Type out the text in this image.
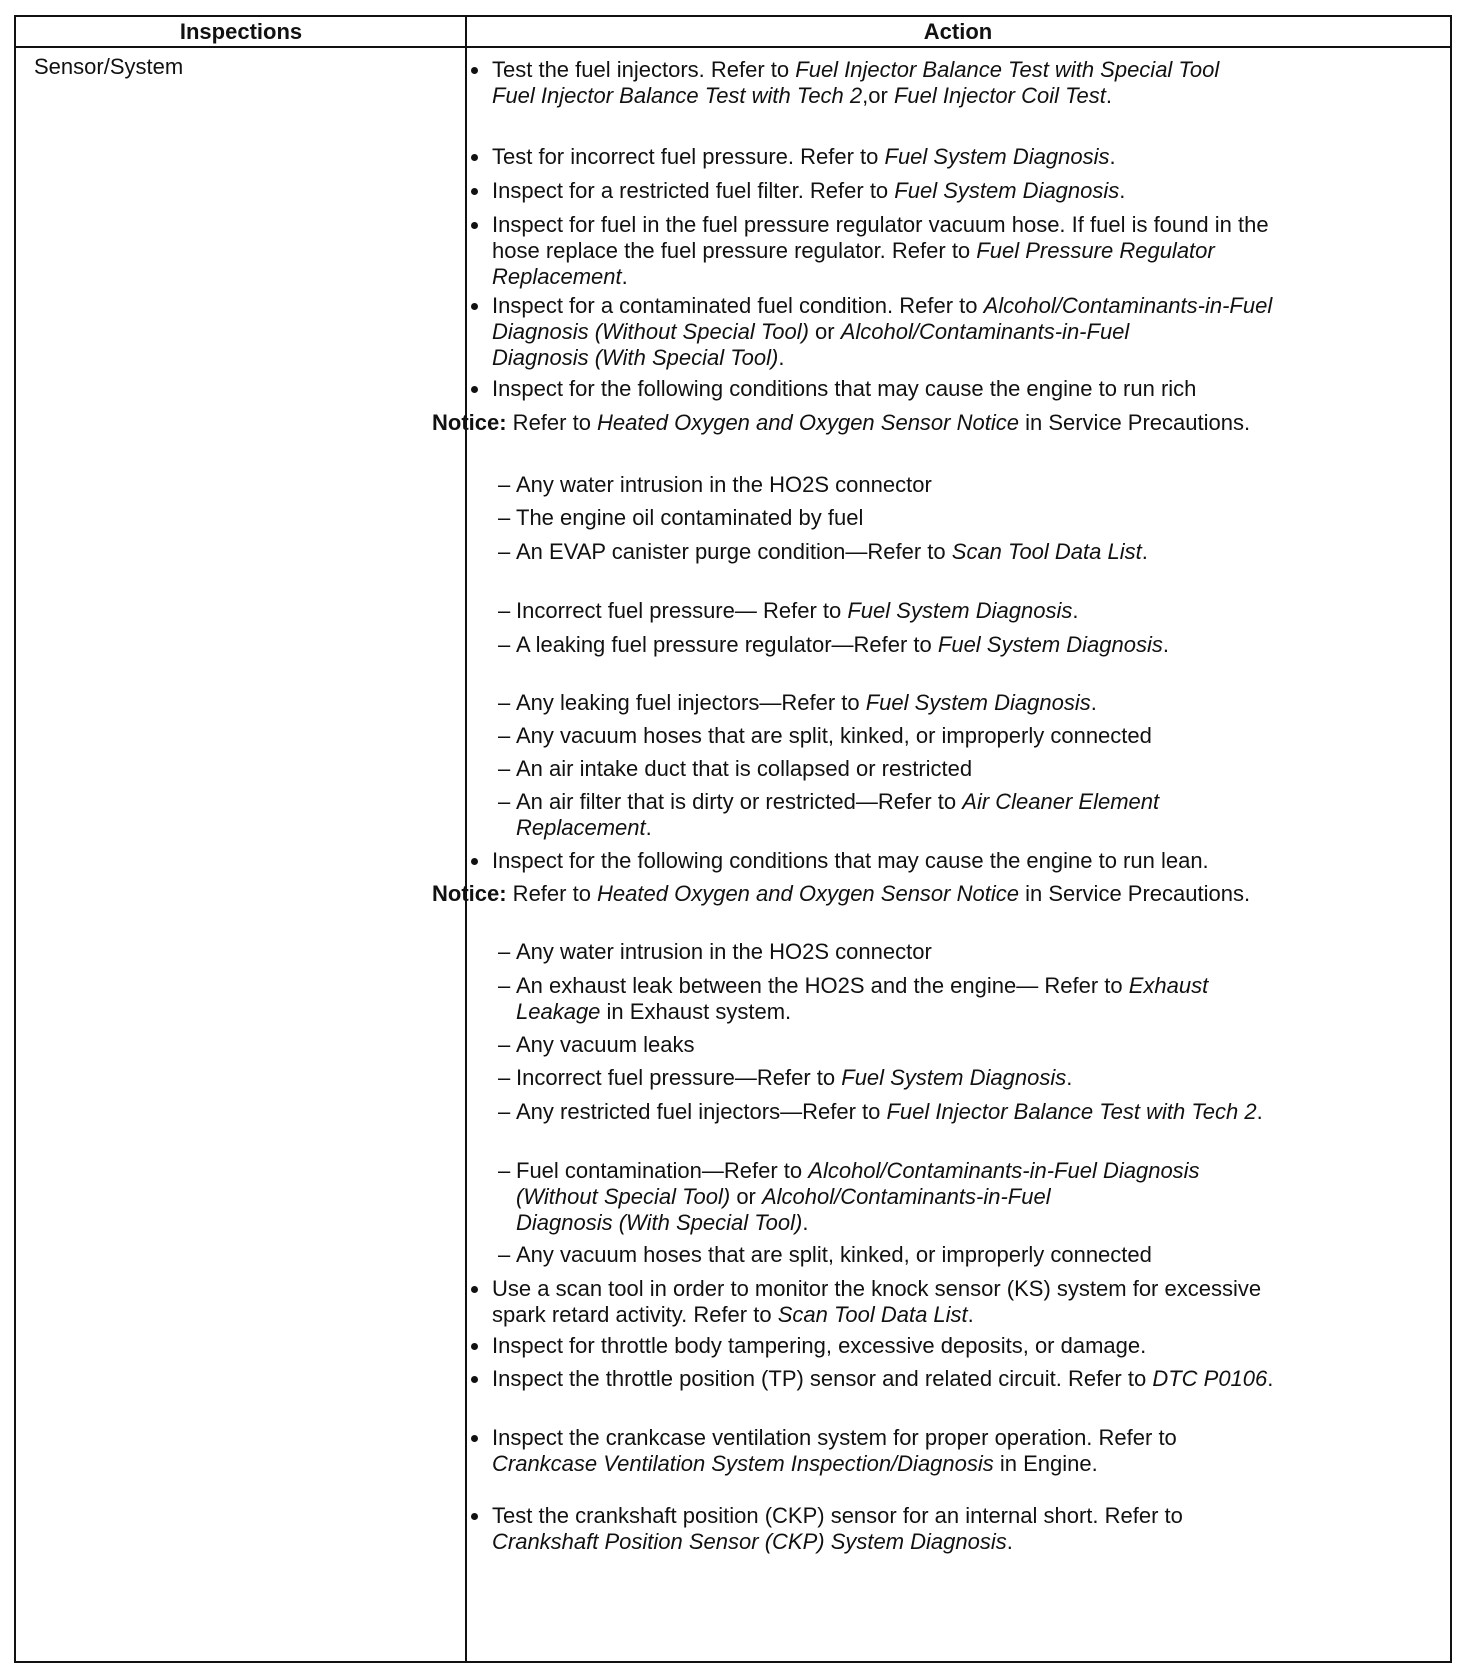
Inspections	Action
Sensor/System	Test the fuel injectors. Refer to Fuel Injector Balance Test with Special Tool
Fuel Injector Balance Test with Tech 2,or Fuel Injector Coil Test.
Test for incorrect fuel pressure. Refer to Fuel System Diagnosis.
Inspect for a restricted fuel filter. Refer to Fuel System Diagnosis.
Inspect for fuel in the fuel pressure regulator vacuum hose. If fuel is found in the
hose replace the fuel pressure regulator. Refer to Fuel Pressure Regulator
Replacement.
Inspect for a contaminated fuel condition. Refer to Alcohol/Contaminants-in-Fuel
Diagnosis (Without Special Tool) or Alcohol/Contaminants-in-Fuel
Diagnosis (With Special Tool).
Inspect for the following conditions that may cause the engine to run rich
Notice: Refer to Heated Oxygen and Oxygen Sensor Notice in Service Precautions.
– Any water intrusion in the HO2S connector
– The engine oil contaminated by fuel
– An EVAP canister purge condition—Refer to Scan Tool Data List.
– Incorrect fuel pressure— Refer to Fuel System Diagnosis.
– A leaking fuel pressure regulator—Refer to Fuel System Diagnosis.
– Any leaking fuel injectors—Refer to Fuel System Diagnosis.
– Any vacuum hoses that are split, kinked, or improperly connected
– An air intake duct that is collapsed or restricted
– An air filter that is dirty or restricted—Refer to Air Cleaner Element
Replacement.
Inspect for the following conditions that may cause the engine to run lean.
Notice: Refer to Heated Oxygen and Oxygen Sensor Notice in Service Precautions.
– Any water intrusion in the HO2S connector
– An exhaust leak between the HO2S and the engine— Refer to Exhaust
Leakage in Exhaust system.
– Any vacuum leaks
– Incorrect fuel pressure—Refer to Fuel System Diagnosis.
– Any restricted fuel injectors—Refer to Fuel Injector Balance Test with Tech 2.
– Fuel contamination—Refer to Alcohol/Contaminants-in-Fuel Diagnosis
(Without Special Tool) or Alcohol/Contaminants-in-Fuel
Diagnosis (With Special Tool).
– Any vacuum hoses that are split, kinked, or improperly connected
Use a scan tool in order to monitor the knock sensor (KS) system for excessive
spark retard activity. Refer to Scan Tool Data List.
Inspect for throttle body tampering, excessive deposits, or damage.
Inspect the throttle position (TP) sensor and related circuit. Refer to DTC P0106.
Inspect the crankcase ventilation system for proper operation. Refer to
Crankcase Ventilation System Inspection/Diagnosis in Engine.
Test the crankshaft position (CKP) sensor for an internal short. Refer to
Crankshaft Position Sensor (CKP) System Diagnosis.
